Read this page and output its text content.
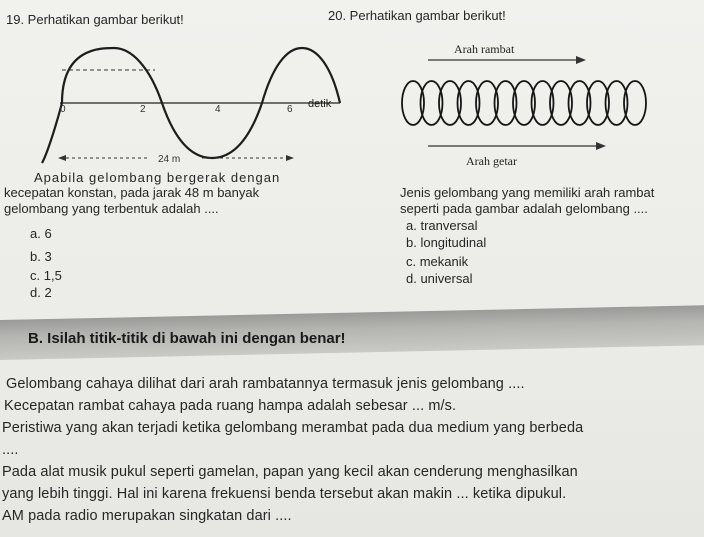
19. Perhatikan gambar berikut!
0	2	4	6 detik
24 m
Apabila gelombang bergerak dengan
kecepatan konstan, pada jarak 48 m banyak
gelombang yang terbentuk adalah ....
a. 6
b. 3
c. 1,5
d. 2
20. Perhatikan gambar berikut!
Arah rambat
Arah getar
Jenis gelombang yang memiliki arah rambat
seperti pada gambar adalah gelombang ....
a. tranversal
b. longitudinal
c. mekanik
d. universal
B. Isilah titik-titik di bawah ini dengan benar!
Gelombang cahaya dilihat dari arah rambatannya termasuk jenis gelombang ....
Kecepatan rambat cahaya pada ruang hampa adalah sebesar ... m/s.
Peristiwa yang akan terjadi ketika gelombang merambat pada dua medium yang berbeda
....
Pada alat musik pukul seperti gamelan, papan yang kecil akan cenderung menghasilkan
yang lebih tinggi. Hal ini karena frekuensi benda tersebut akan makin ... ketika dipukul.
AM pada radio merupakan singkatan dari ....
